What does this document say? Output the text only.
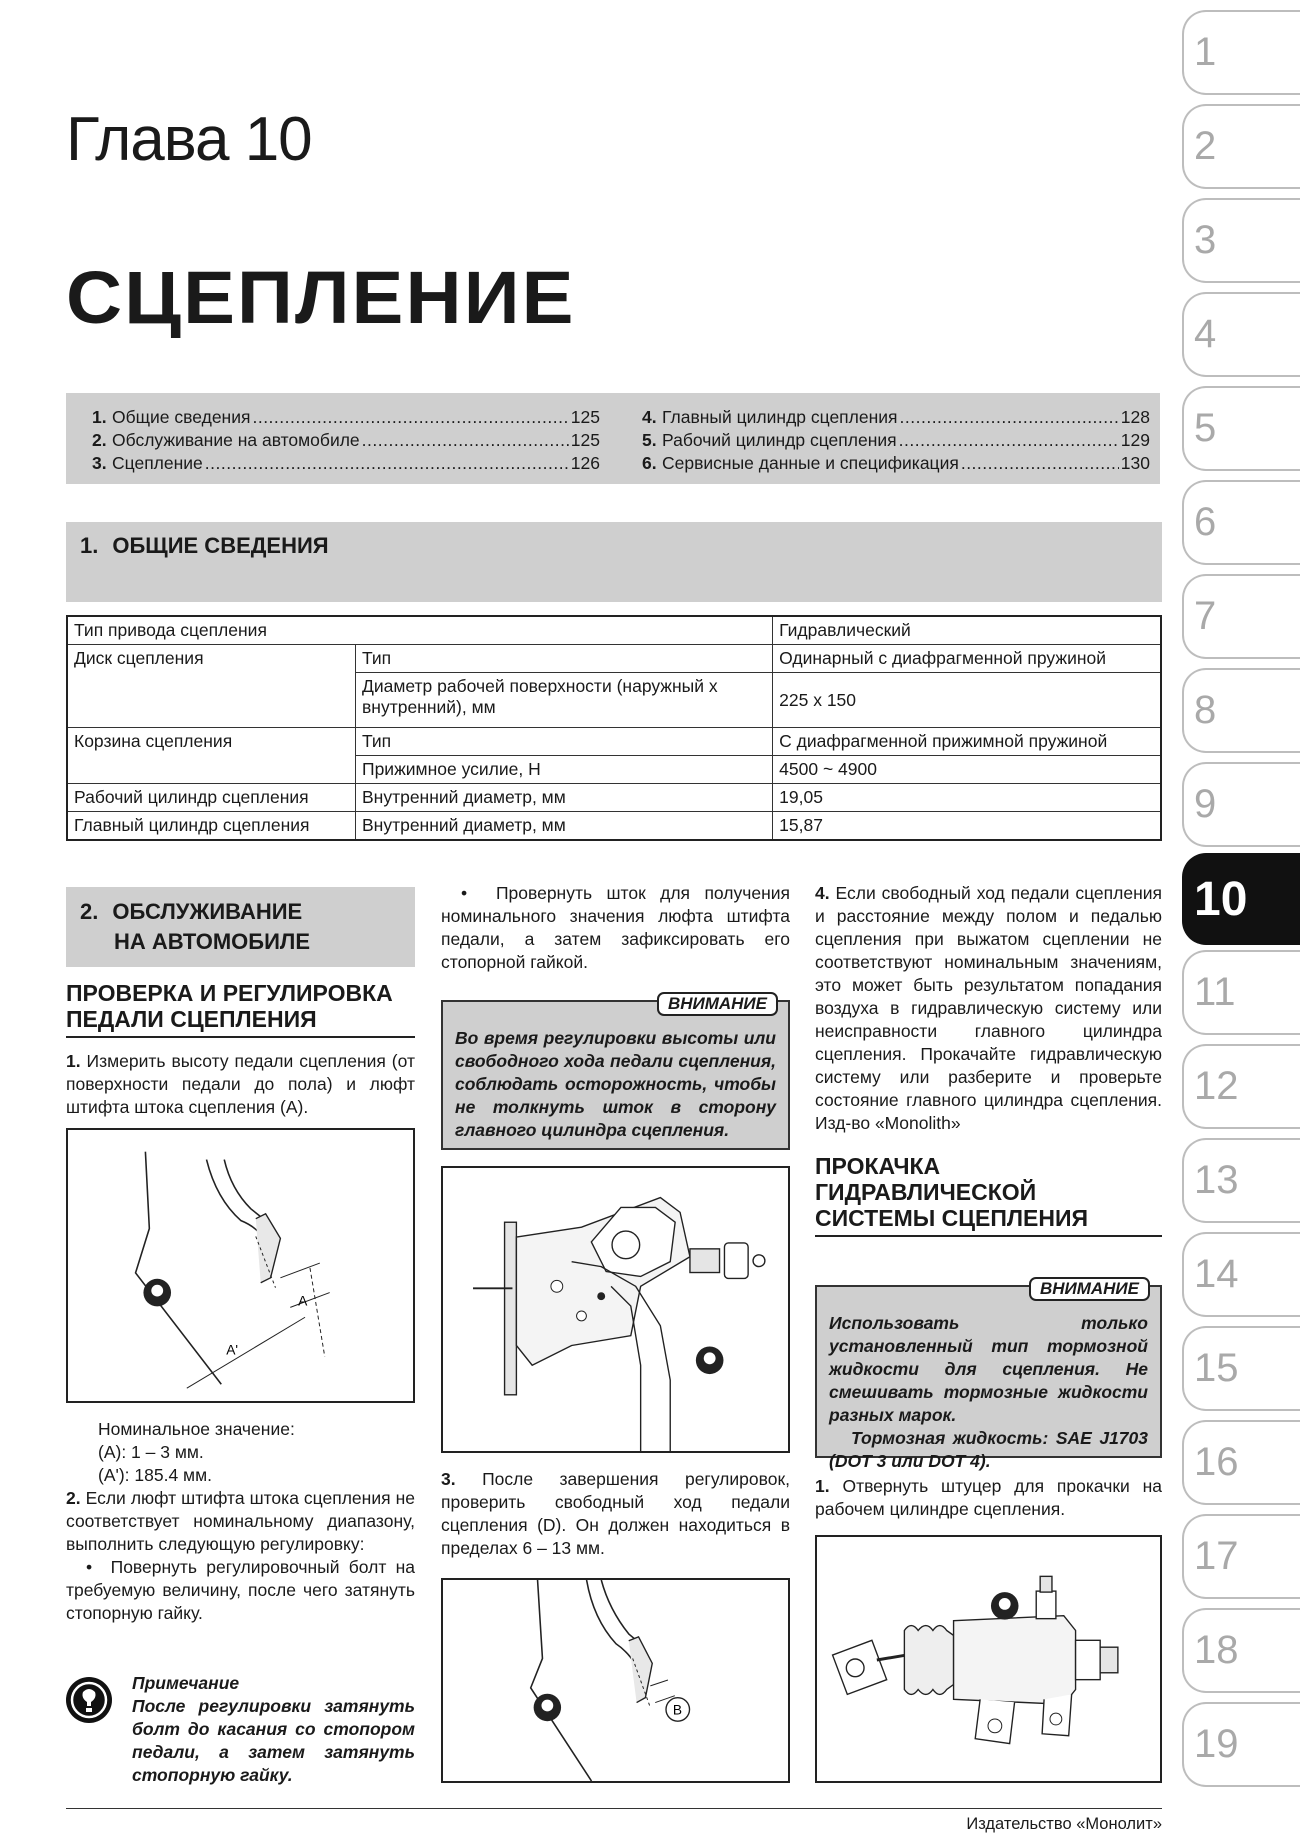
Глава 10
СЦЕПЛЕНИЕ
1. Общие сведения .....	125
2. Обслуживание на автомобиле .....	125
3. Сцепление .....	126
4. Главный цилиндр сцепления .....	128
5. Рабочий цилиндр сцепления .....	129
6. Сервисные данные и спецификация .....	130
1. ОБЩИЕ СВЕДЕНИЯ
Тип привода сцепления		Гидравлический
Диск сцепления	Тип	Одинарный с диафрагменной пружиной
	Диаметр рабочей поверхности (наружный x внутренний), мм	225 x 150
Корзина сцепления	Тип	С диафрагменной прижимной пружиной
	Прижимное усилие, Н	4500 ~ 4900
Рабочий цилиндр сцепления	Внутренний диаметр, мм	19,05
Главный цилиндр сцепления	Внутренний диаметр, мм	15,87
2. ОБСЛУЖИВАНИЕ
НА АВТОМОБИЛЕ
ПРОВЕРКА И РЕГУЛИРОВКА
ПЕДАЛИ СЦЕПЛЕНИЯ

1. Измерить высоту педали сцепления (от поверхности педали до пола) и люфт штифта штока сцепления (A).

A'
A
Номинальное значение:
(A): 1 – 3 мм.
(A'): 185.4 мм.

2. Если люфт штифта штока сцепления не соответствует номинальному диапазону, выполнить следующую регулировку:

•  Повернуть регулировочный болт на требуемую величину, после чего затянуть стопорную гайку.

Примечание
После регулировки затянуть болт до касания со стопором педали, а затем затянуть стопорную гайку.

•  Провернуть шток для получения номинального значения люфта штифта педали, а затем зафиксировать его стопорной гайкой.

ВНИМАНИЕ
Во время регулировки высоты или свободного хода педали сцепления, соблюдать осторожность, чтобы не толкнуть шток в сторону главного цилиндра сцепления.

3. После завершения регулировок, проверить свободный ход педали сцепления (D). Он должен находиться в пределах 6 – 13 мм.

B

4. Если свободный ход педали сцепления и расстояние между полом и педалью сцепления при выжатом сцеплении не соответствуют номинальным значениям, это может быть результатом попадания воздуха в гидравлическую систему или неисправности главного цилиндра сцепления. Прокачайте гидравлическую систему или разберите и проверьте состояние главного цилиндра сцепления. Изд-во «Monolith»

ПРОКАЧКА
ГИДРАВЛИЧЕСКОЙ
СИСТЕМЫ СЦЕПЛЕНИЯ
ВНИМАНИЕ
Использовать только установленный тип тормозной жидкости для сцепления. Не смешивать тормозные жидкости разных марок.
Тормозная жидкость: SAE J1703 (DOT 3 или DOT 4).

1. Отвернуть штуцер для прокачки на рабочем цилиндре сцепления.

1
2
3
4
5
6
7
8
9
10
11
12
13
14
15
16
17
18
19
Издательство «Монолит»
